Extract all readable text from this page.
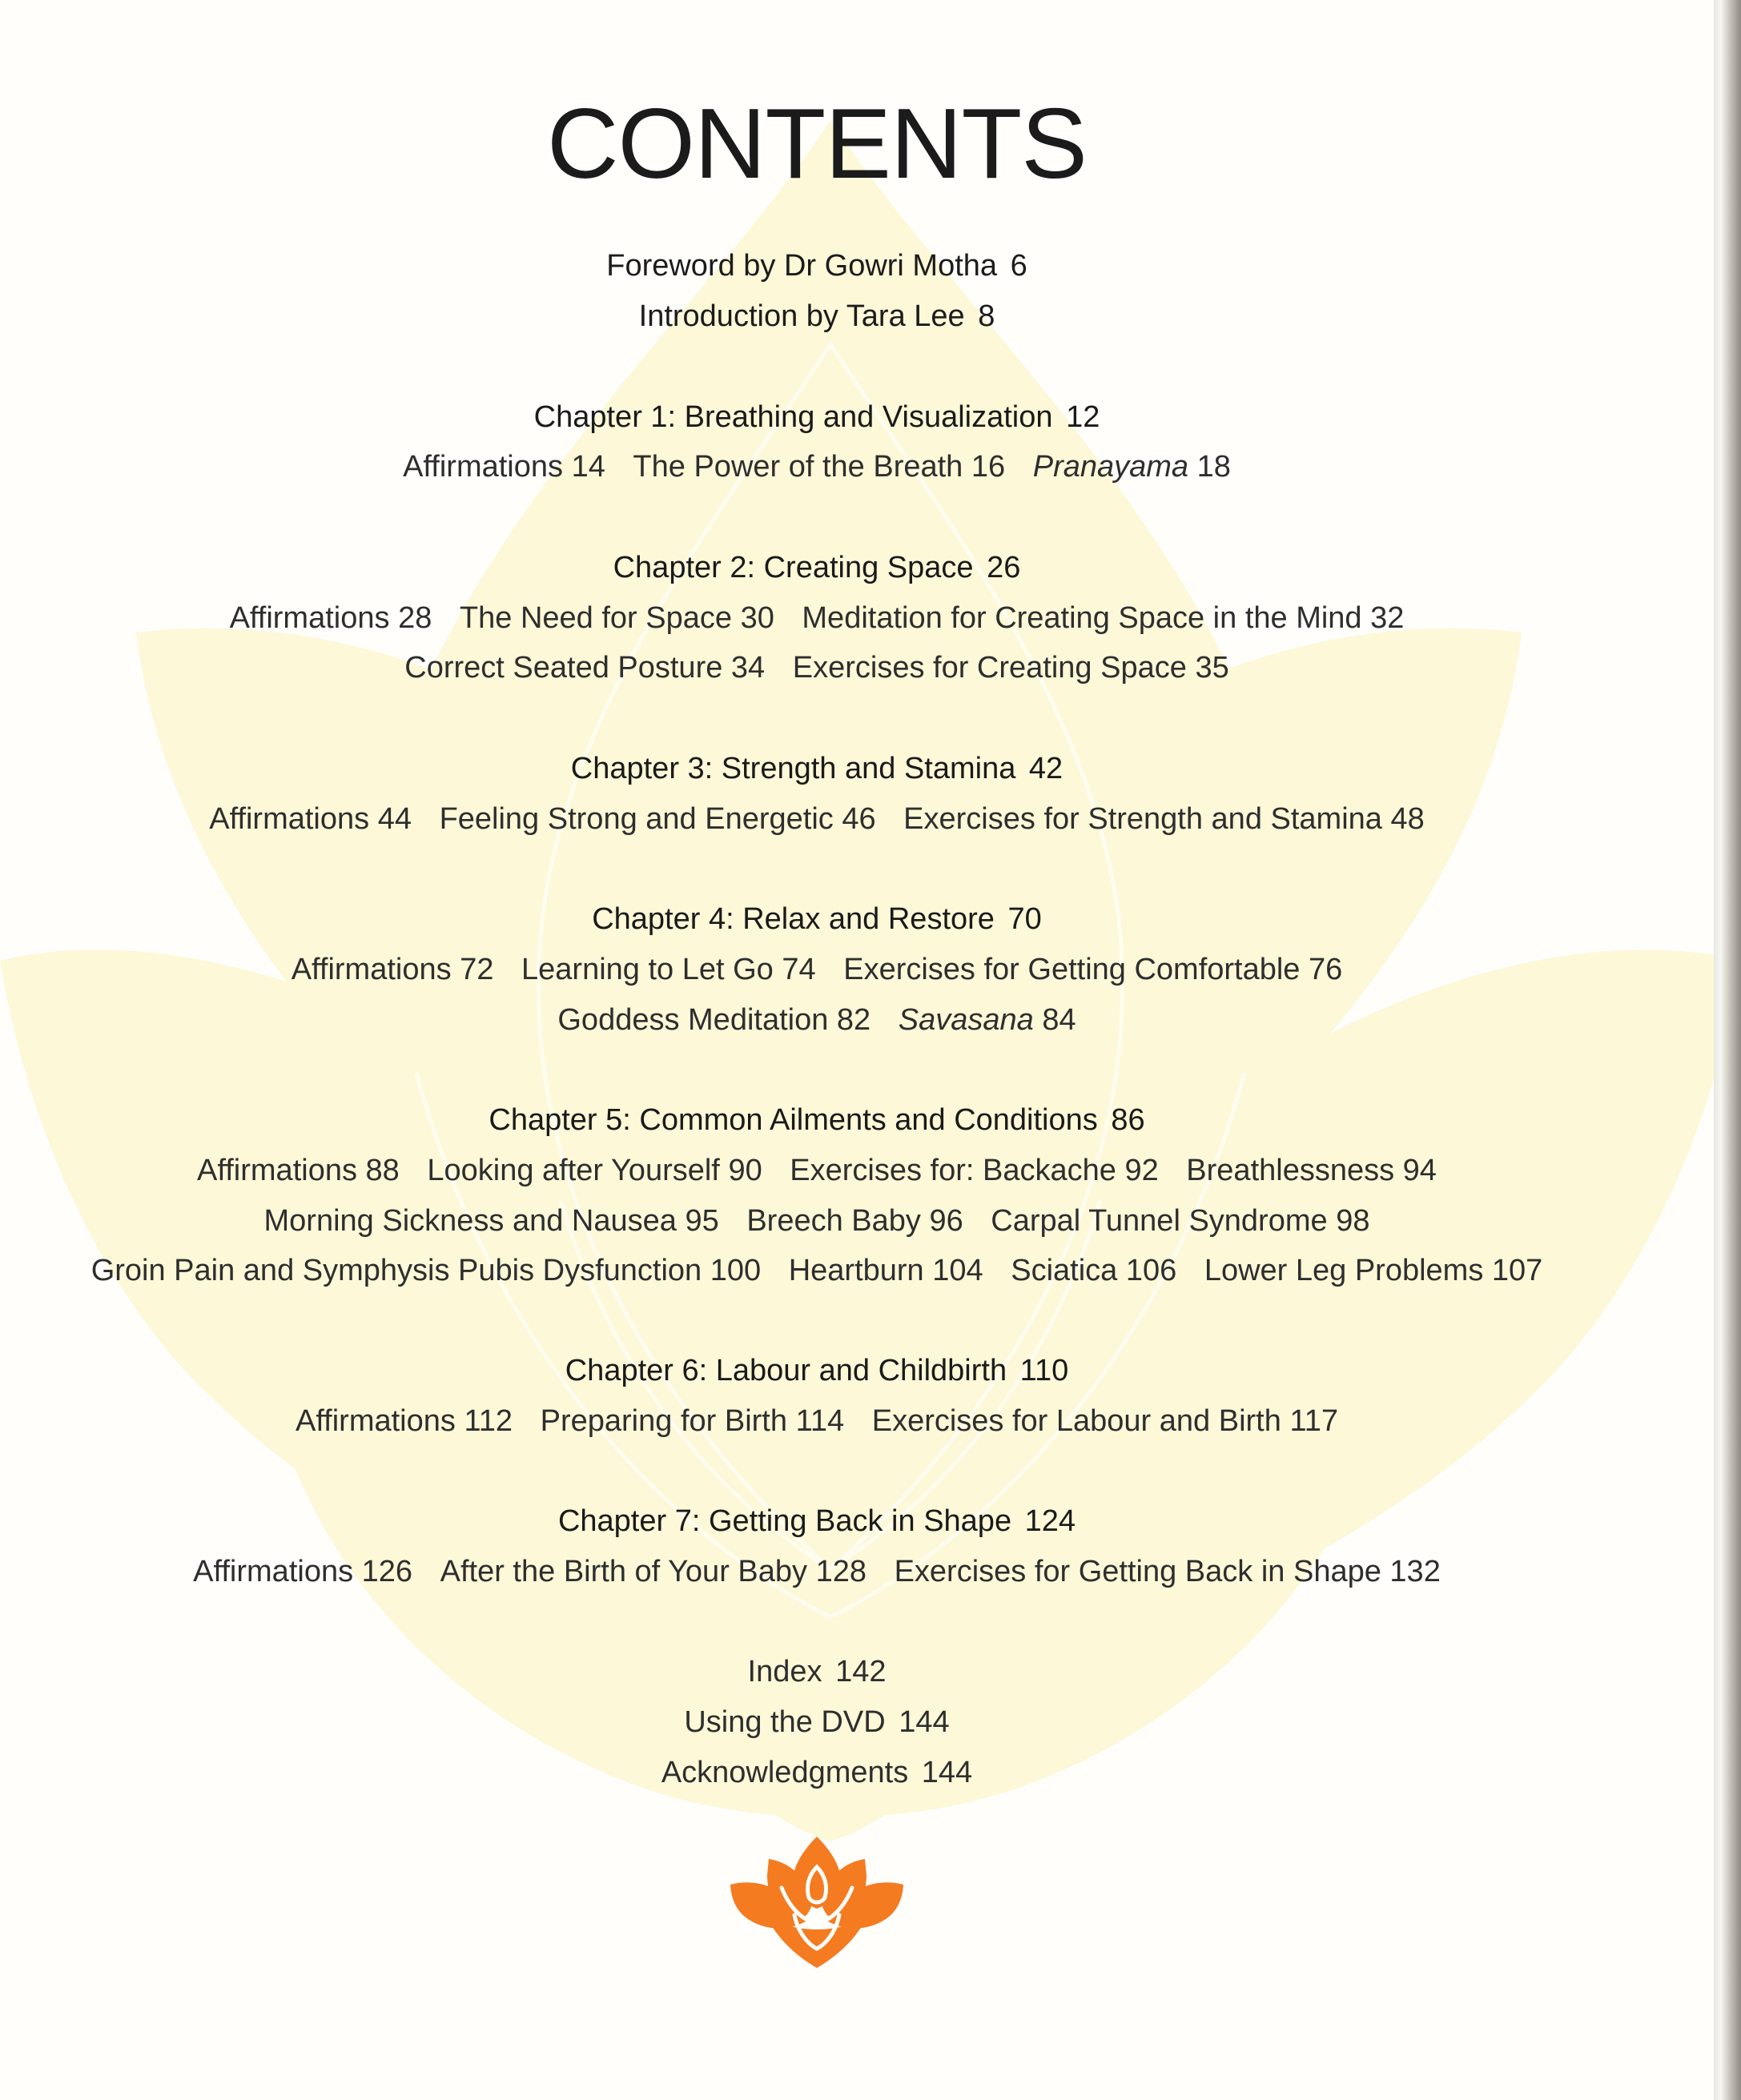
CONTENTS
Foreword by Dr Gowri Motha 6
Introduction by Tara Lee 8
Chapter 1: Breathing and Visualization 12
Affirmations 14 The Power of the Breath 16 Pranayama 18
Chapter 2: Creating Space 26
Affirmations 28 The Need for Space 30 Meditation for Creating Space in the Mind 32
Correct Seated Posture 34 Exercises for Creating Space 35
Chapter 3: Strength and Stamina 42
Affirmations 44 Feeling Strong and Energetic 46 Exercises for Strength and Stamina 48
Chapter 4: Relax and Restore 70
Affirmations 72 Learning to Let Go 74 Exercises for Getting Comfortable 76
Goddess Meditation 82 Savasana 84
Chapter 5: Common Ailments and Conditions 86
Affirmations 88 Looking after Yourself 90 Exercises for: Backache 92 Breathlessness 94
Morning Sickness and Nausea 95 Breech Baby 96 Carpal Tunnel Syndrome 98
Groin Pain and Symphysis Pubis Dysfunction 100 Heartburn 104 Sciatica 106 Lower Leg Problems 107
Chapter 6: Labour and Childbirth 110
Affirmations 112 Preparing for Birth 114 Exercises for Labour and Birth 117
Chapter 7: Getting Back in Shape 124
Affirmations 126 After the Birth of Your Baby 128 Exercises for Getting Back in Shape 132
Index 142
Using the DVD 144
Acknowledgments 144
